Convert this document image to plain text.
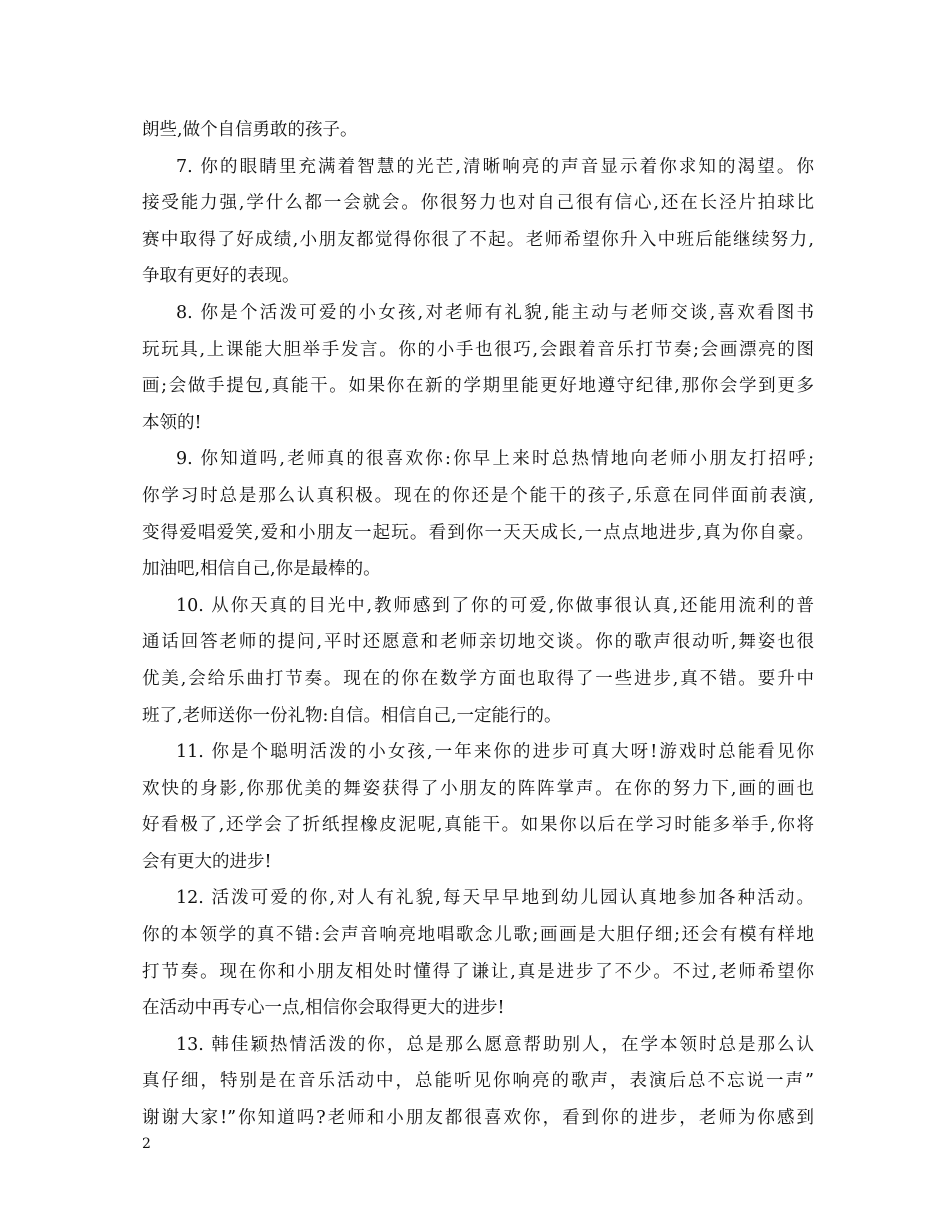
朗些,做个自信勇敢的孩子。

7. 你的眼睛里充满着智慧的光芒,清晰响亮的声音显示着你求知的渴望。你

接受能力强,学什么都一会就会。你很努力也对自己很有信心,还在长泾片拍球比

赛中取得了好成绩,小朋友都觉得你很了不起。老师希望你升入中班后能继续努力,

争取有更好的表现。

8. 你是个活泼可爱的小女孩,对老师有礼貌,能主动与老师交谈,喜欢看图书

玩玩具,上课能大胆举手发言。你的小手也很巧,会跟着音乐打节奏;会画漂亮的图

画;会做手提包,真能干。如果你在新的学期里能更好地遵守纪律,那你会学到更多

本领的!

9. 你知道吗,老师真的很喜欢你:你早上来时总热情地向老师小朋友打招呼;

你学习时总是那么认真积极。现在的你还是个能干的孩子,乐意在同伴面前表演,

变得爱唱爱笑,爱和小朋友一起玩。看到你一天天成长,一点点地进步,真为你自豪。

加油吧,相信自己,你是最棒的。

10. 从你天真的目光中,教师感到了你的可爱,你做事很认真,还能用流利的普

通话回答老师的提问,平时还愿意和老师亲切地交谈。你的歌声很动听,舞姿也很

优美,会给乐曲打节奏。现在的你在数学方面也取得了一些进步,真不错。要升中

班了,老师送你一份礼物:自信。相信自己,一定能行的。

11. 你是个聪明活泼的小女孩,一年来你的进步可真大呀!游戏时总能看见你

欢快的身影,你那优美的舞姿获得了小朋友的阵阵掌声。在你的努力下,画的画也

好看极了,还学会了折纸捏橡皮泥呢,真能干。如果你以后在学习时能多举手,你将

会有更大的进步!

12. 活泼可爱的你,对人有礼貌,每天早早地到幼儿园认真地参加各种活动。

你的本领学的真不错:会声音响亮地唱歌念儿歌;画画是大胆仔细;还会有模有样地

打节奏。现在你和小朋友相处时懂得了谦让,真是进步了不少。不过,老师希望你

在活动中再专心一点,相信你会取得更大的进步!

13. 韩佳颖热情活泼的你，总是那么愿意帮助别人，在学本领时总是那么认

真仔细，特别是在音乐活动中，总能听见你响亮的歌声，表演后总不忘说一声”

谢谢大家!”你知道吗?老师和小朋友都很喜欢你，看到你的进步，老师为你感到

2
